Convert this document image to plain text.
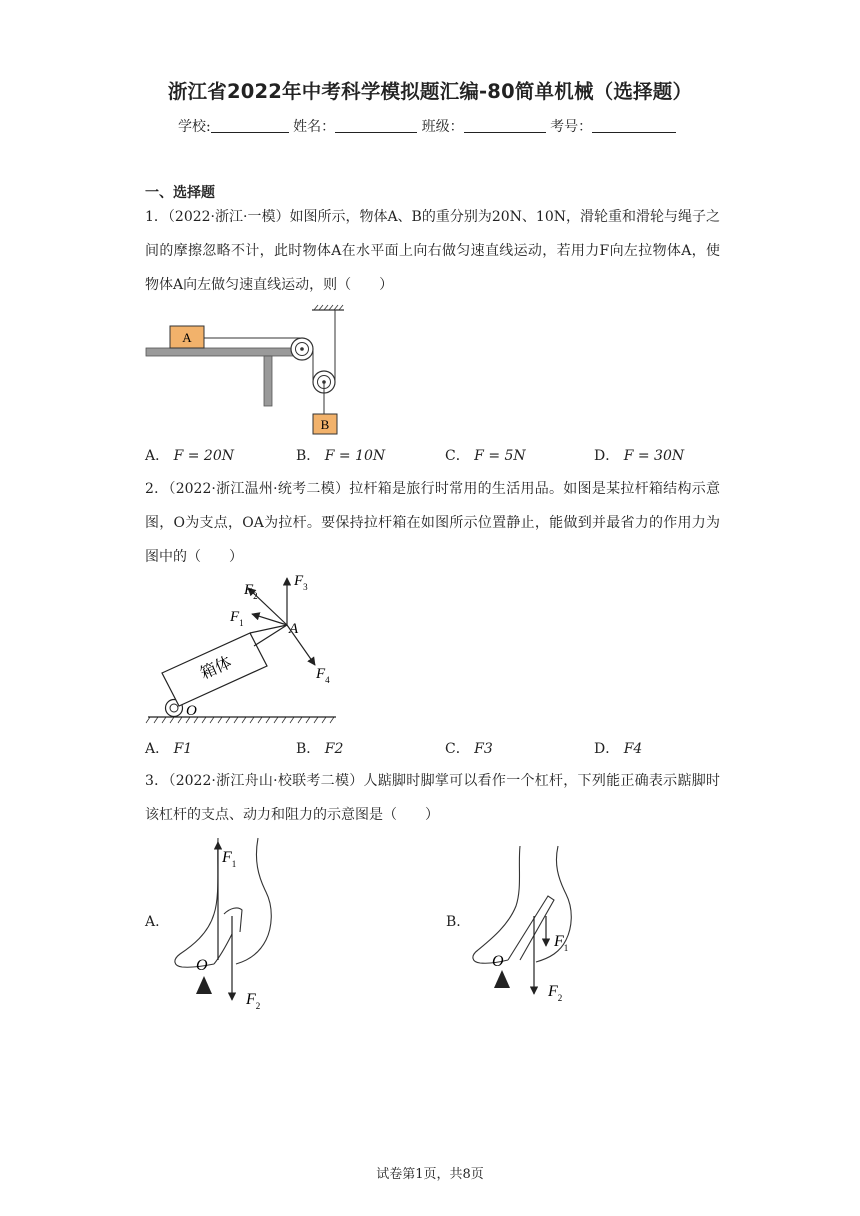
浙江省2022年中考科学模拟题汇编-80简单机械（选择题）
学校:	姓名：	班级：	考号：
一、选择题
1．（2022·浙江·一模）如图所示，物体A、B的重分别为20N、10N，滑轮重和滑轮与绳子之间的摩擦忽略不计，此时物体A在水平面上向右做匀速直线运动，若用力F向左拉物体A，使物体A向左做匀速直线运动，则（　　）
A
B
A． F = 20N	B． F = 10N	C． F = 5N	D． F = 30N
2．（2022·浙江温州·统考二模）拉杆箱是旅行时常用的生活用品。如图是某拉杆箱结构示意图，O为支点，OA为拉杆。要保持拉杆箱在如图所示位置静止，能做到并最省力的作用力为图中的（　　）
O
箱体
A
$F_3$
$F_2$
$F_1$
$F_4$
A． F1	B． F2	C． F3	D． F4
3．（2022·浙江舟山·校联考二模）人踮脚时脚掌可以看作一个杠杆，下列能正确表示踮脚时该杠杆的支点、动力和阻力的示意图是（　　）
A.
$F_1$
$F_2$
O
B.
$F_1$
$F_2$
O
试卷第1页，共8页
